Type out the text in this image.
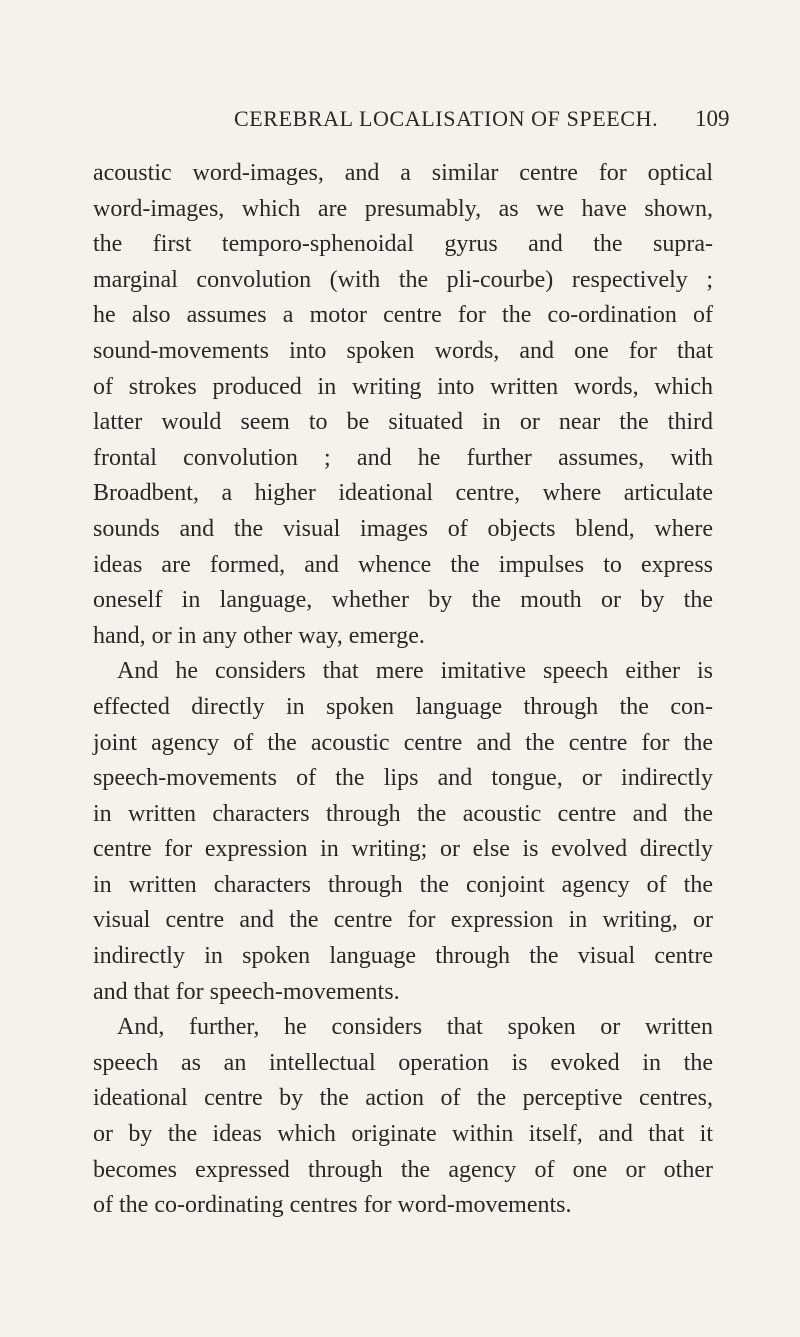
CEREBRAL LOCALISATION OF SPEECH. 109
acoustic word-images, and a similar centre for optical
word-images, which are presumably, as we have shown,
the first temporo-sphenoidal gyrus and the supra-
marginal convolution (with the pli-courbe) respectively ;
he also assumes a motor centre for the co-ordination of
sound-movements into spoken words, and one for that
of strokes produced in writing into written words, which
latter would seem to be situated in or near the third
frontal convolution ; and he further assumes, with
Broadbent, a higher ideational centre, where articulate
sounds and the visual images of objects blend, where
ideas are formed, and whence the impulses to express
oneself in language, whether by the mouth or by the
hand, or in any other way, emerge.
And he considers that mere imitative speech either is
effected directly in spoken language through the con-
joint agency of the acoustic centre and the centre for the
speech-movements of the lips and tongue, or indirectly
in written characters through the acoustic centre and the
centre for expression in writing; or else is evolved directly
in written characters through the conjoint agency of the
visual centre and the centre for expression in writing, or
indirectly in spoken language through the visual centre
and that for speech-movements.
And, further, he considers that spoken or written
speech as an intellectual operation is evoked in the
ideational centre by the action of the perceptive centres,
or by the ideas which originate within itself, and that it
becomes expressed through the agency of one or other
of the co-ordinating centres for word-movements.
